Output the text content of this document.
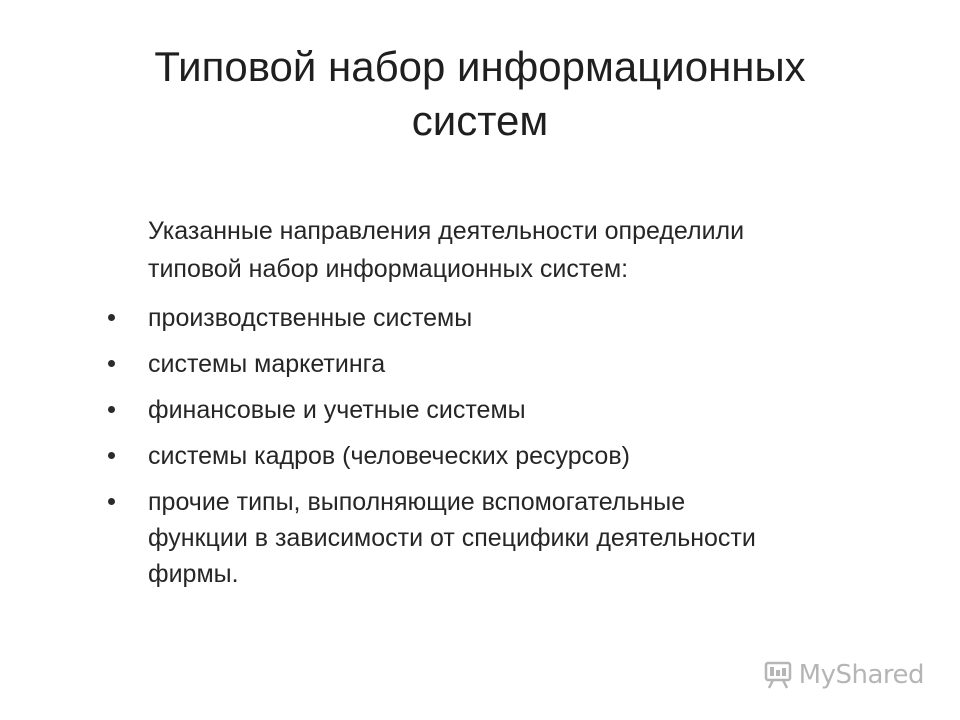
Типовой набор информационных
систем
Указанные направления деятельности определили
типовой набор информационных систем:
производственные системы
системы маркетинга
финансовые и учетные системы
системы кадров (человеческих ресурсов)
прочие типы, выполняющие вспомогательные
функции в зависимости от специфики деятельности
фирмы.
MyShared
